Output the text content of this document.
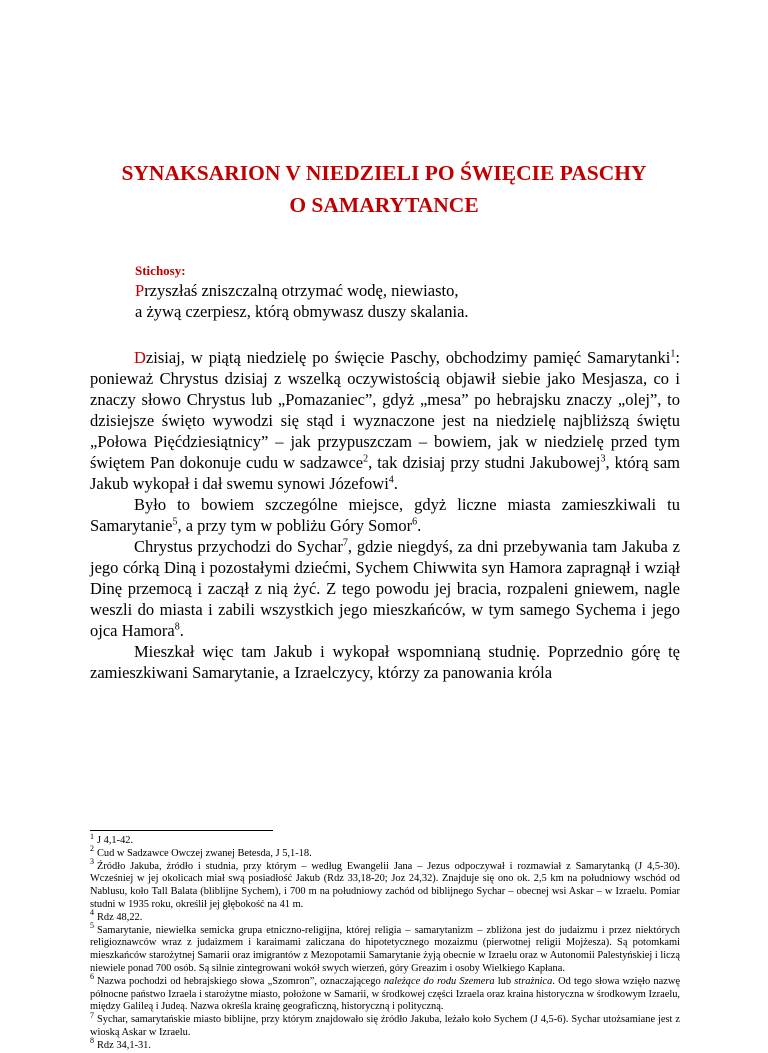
SYNAKSARION V NIEDZIELI PO ŚWIĘCIE PASCHY
O SAMARYTANCE
Stichosy:
Przyszłaś zniszczalną otrzymać wodę, niewiasto,
a żywą czerpiesz, którą obmywasz duszy skalania.

Dzisiaj, w piątą niedzielę po święcie Paschy, obchodzimy pamięć Samarytanki$^1$: ponieważ Chrystus dzisiaj z wszelką oczywistością objawił siebie jako Mesjasza, co i znaczy słowo Chrystus lub „Pomazaniec”, gdyż „mesa” po hebrajsku znaczy „olej”, to dzisiejsze święto wywodzi się stąd i wyznaczone jest na niedzielę najbliższą świętu „Połowa Pięćdziesiątnicy” – jak przypuszczam – bowiem, jak w niedzielę przed tym świętem Pan dokonuje cudu w sadzawce$^2$, tak dzisiaj przy studni Jakubowej$^3$, którą sam Jakub wykopał i dał swemu synowi Józefowi$^4$.

Było to bowiem szczególne miejsce, gdyż liczne miasta zamieszkiwali tu Samarytanie$^5$, a przy tym w pobliżu Góry Somor$^6$.

Chrystus przychodzi do Sychar$^7$, gdzie niegdyś, za dni przebywania tam Jakuba z jego córką Diną i pozostałymi dziećmi, Sychem Chiwwita syn Hamora zapragnął i wziął Dinę przemocą i zaczął z nią żyć. Z tego powodu jej bracia, rozpaleni gniewem, nagle weszli do miasta i zabili wszystkich jego mieszkańców, w tym samego Sychema i jego ojca Hamora$^8$.

Mieszkał więc tam Jakub i wykopał wspomnianą studnię. Poprzednio górę tę zamieszkiwani Samarytanie, a Izraelczycy, którzy za panowania króla

$^1$ J 4,1-42.

$^2$ Cud w Sadzawce Owczej zwanej Betesda, J 5,1-18.

$^3$ Źródło Jakuba, źródło i studnia, przy którym – według Ewangelii Jana – Jezus odpoczywał i rozmawiał z Samarytanką (J 4,5-30). Wcześniej w jej okolicach miał swą posiadłość Jakub (Rdz 33,18-20; Joz 24,32). Znajduje się ono ok. 2,5 km na południowy wschód od Nablusu, koło Tall Balata (bliblijne Sychem), i 700 m na południowy zachód od biblijnego Sychar – obecnej wsi Askar – w Izraelu. Pomiar studni w 1935 roku, określił jej głębokość na 41 m.

$^4$ Rdz 48,22.

$^5$ Samarytanie, niewielka semicka grupa etniczno-religijna, której religia – samarytanizm – zbliżona jest do judaizmu i przez niektórych religioznawców wraz z judaizmem i karaimami zaliczana do hipotetycznego mozaizmu (pierwotnej religii Mojżesza). Są potomkami mieszkańców starożytnej Samarii oraz imigrantów z Mezopotamii Samarytanie żyją obecnie w Izraelu oraz w Autonomii Palestyńskiej i liczą niewiele ponad 700 osób. Są silnie zintegrowani wokół swych wierzeń, góry Greazim i osoby Wielkiego Kapłana.

$^6$ Nazwa pochodzi od hebrajskiego słowa „Szomron”, oznaczającego należące do rodu Szemera lub strażnica. Od tego słowa wzięło nazwę północne państwo Izraela i starożytne miasto, położone w Samarii, w środkowej części Izraela oraz kraina historyczna w środkowym Izraelu, między Galileą i Judeą. Nazwa określa krainę geograficzną, historyczną i polityczną.

$^7$ Sychar, samarytańskie miasto biblijne, przy którym znajdowało się źródło Jakuba, leżało koło Sychem (J 4,5-6). Sychar utożsamiane jest z wioską Askar w Izraelu.

$^8$ Rdz 34,1-31.
